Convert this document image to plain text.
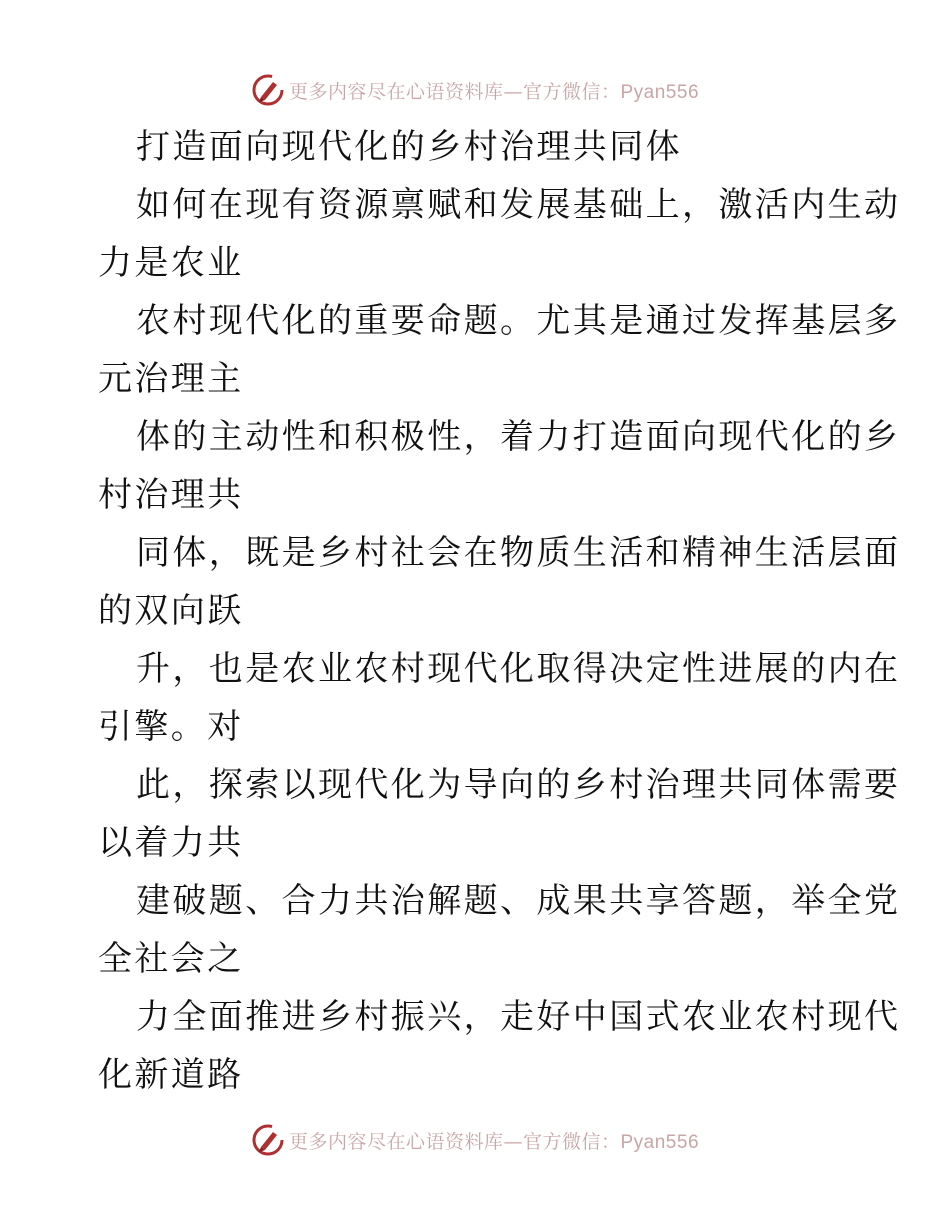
更多内容尽在心语资料库—官方微信：Pyan556
打造面向现代化的乡村治理共同体
如何在现有资源禀赋和发展基础上，激活内生动
力是农业
农村现代化的重要命题。尤其是通过发挥基层多
元治理主
体的主动性和积极性，着力打造面向现代化的乡
村治理共
同体，既是乡村社会在物质生活和精神生活层面
的双向跃
升，也是农业农村现代化取得决定性进展的内在
引擎。对
此，探索以现代化为导向的乡村治理共同体需要
以着力共
建破题、合力共治解题、成果共享答题，举全党
全社会之
力全面推进乡村振兴，走好中国式农业农村现代
化新道路
更多内容尽在心语资料库—官方微信：Pyan556
